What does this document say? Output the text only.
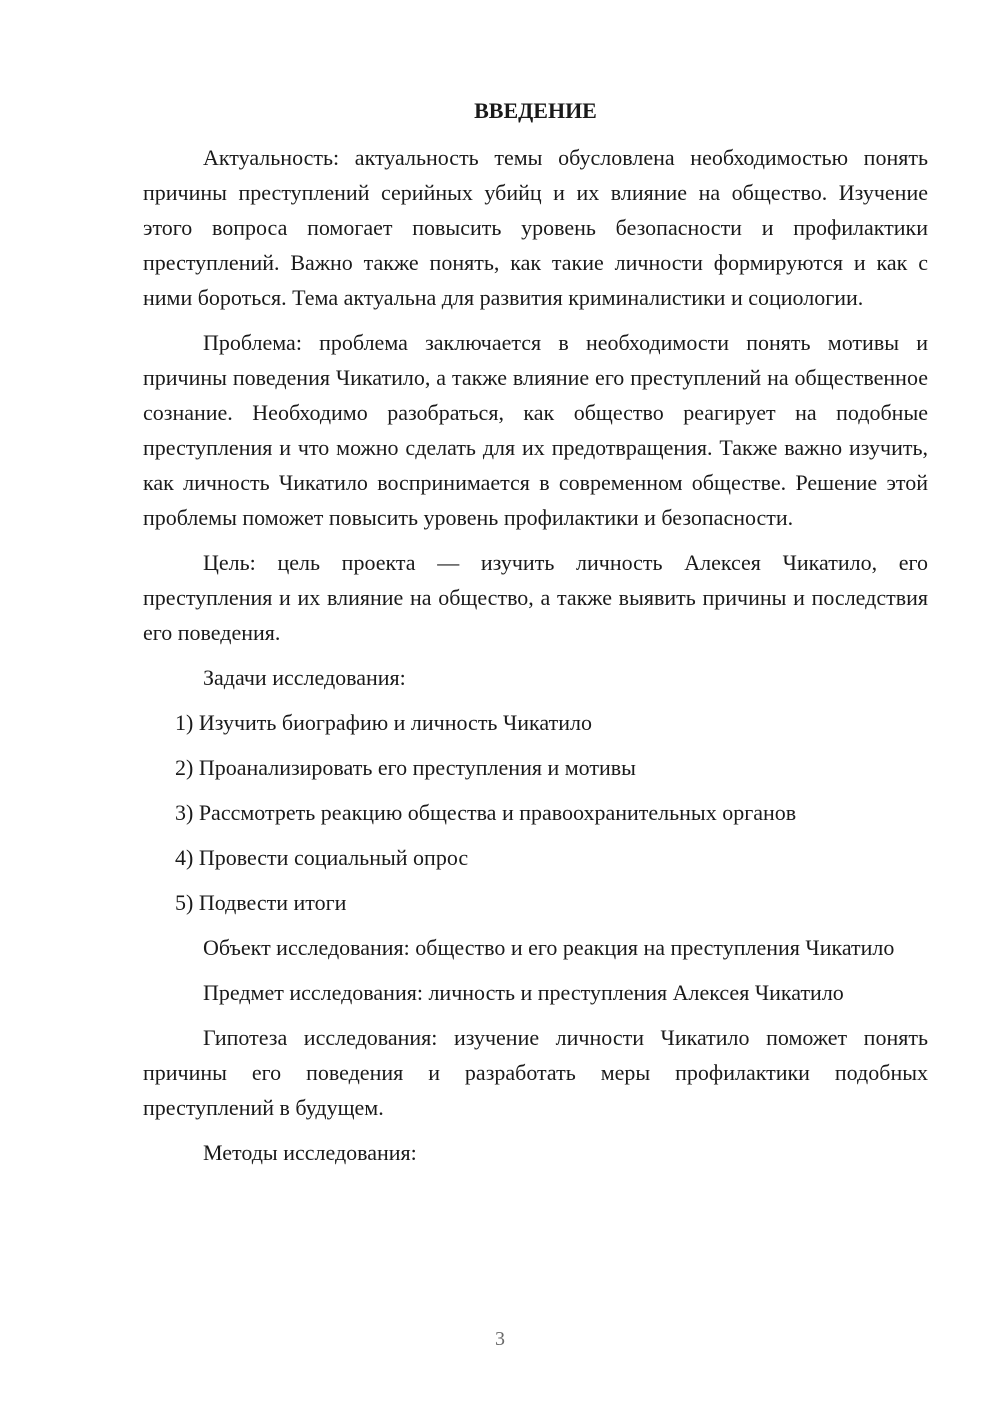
ВВЕДЕНИЕ

Актуальность: актуальность темы обусловлена необходимостью понять причины преступлений серийных убийц и их влияние на общество. Изучение этого вопроса помогает повысить уровень безопасности и профилактики преступлений. Важно также понять, как такие личности формируются и как с ними бороться. Тема актуальна для развития криминалистики и социологии.

Проблема: проблема заключается в необходимости понять мотивы и причины поведения Чикатило, а также влияние его преступлений на общественное сознание. Необходимо разобраться, как общество реагирует на подобные преступления и что можно сделать для их предотвращения. Также важно изучить, как личность Чикатило воспринимается в современном обществе. Решение этой проблемы поможет повысить уровень профилактики и безопасности.

Цель: цель проекта — изучить личность Алексея Чикатило, его преступления и их влияние на общество, а также выявить причины и последствия его поведения.

Задачи исследования:

1) Изучить биографию и личность Чикатило
2) Проанализировать его преступления и мотивы
3) Рассмотреть реакцию общества и правоохранительных органов
4) Провести социальный опрос
5) Подвести итоги

Объект исследования: общество и его реакция на преступления Чикатило

Предмет исследования: личность и преступления Алексея Чикатило

Гипотеза исследования: изучение личности Чикатило поможет понять причины его поведения и разработать меры профилактики подобных преступлений в будущем.

Методы исследования:

3
